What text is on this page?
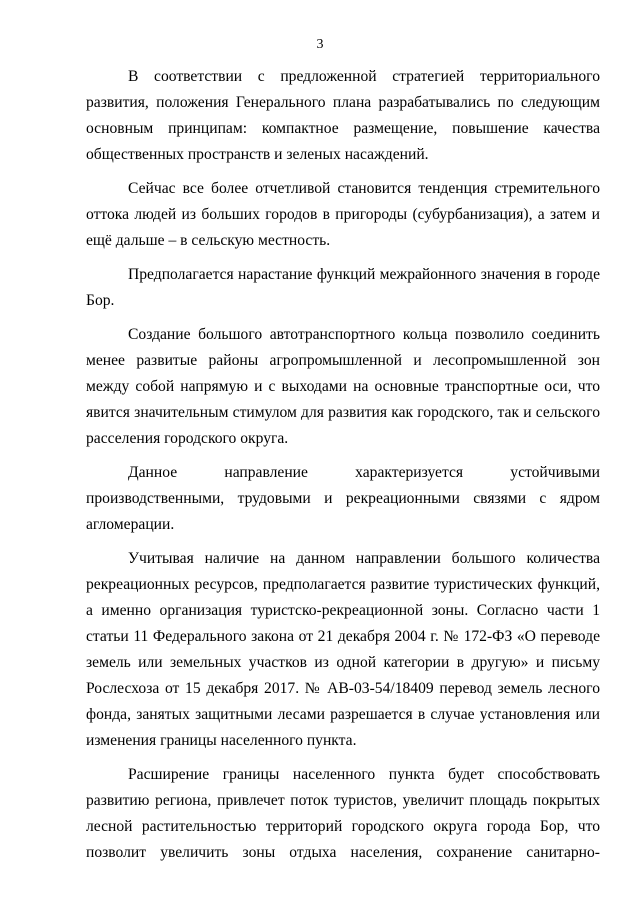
3

В соответствии с предложенной стратегией территориального развития, положения Генерального плана разрабатывались по следующим основным принципам: компактное размещение, повышение качества общественных пространств и зеленых насаждений.

Сейчас все более отчетливой становится тенденция стремительного оттока людей из больших городов в пригороды (субурбанизация), а затем и ещё дальше – в сельскую местность.

Предполагается нарастание функций межрайонного значения в городе Бор.

Создание большого автотранспортного кольца позволило соединить менее развитые районы агропромышленной и лесопромышленной зон между собой напрямую и с выходами на основные транспортные оси, что явится значительным стимулом для развития как городского, так и сельского расселения городского округа.

Данное направление характеризуется устойчивыми производственными, трудовыми и рекреационными связями с ядром агломерации.

Учитывая наличие на данном направлении большого количества рекреационных ресурсов, предполагается развитие туристических функций, а именно организация туристско-рекреационной зоны. Согласно части 1 статьи 11 Федерального закона от 21 декабря 2004 г. № 172-ФЗ «О переводе земель или земельных участков из одной категории в другую» и письму Рослесхоза от 15 декабря 2017. № АВ-03-54/18409 перевод земель лесного фонда, занятых защитными лесами разрешается в случае установления или изменения границы населенного пункта.

Расширение границы населенного пункта будет способствовать развитию региона, привлечет поток туристов, увеличит площадь покрытых лесной растительностью территорий городского округа города Бор, что позволит увеличить зоны отдыха населения, сохранение санитарно-
